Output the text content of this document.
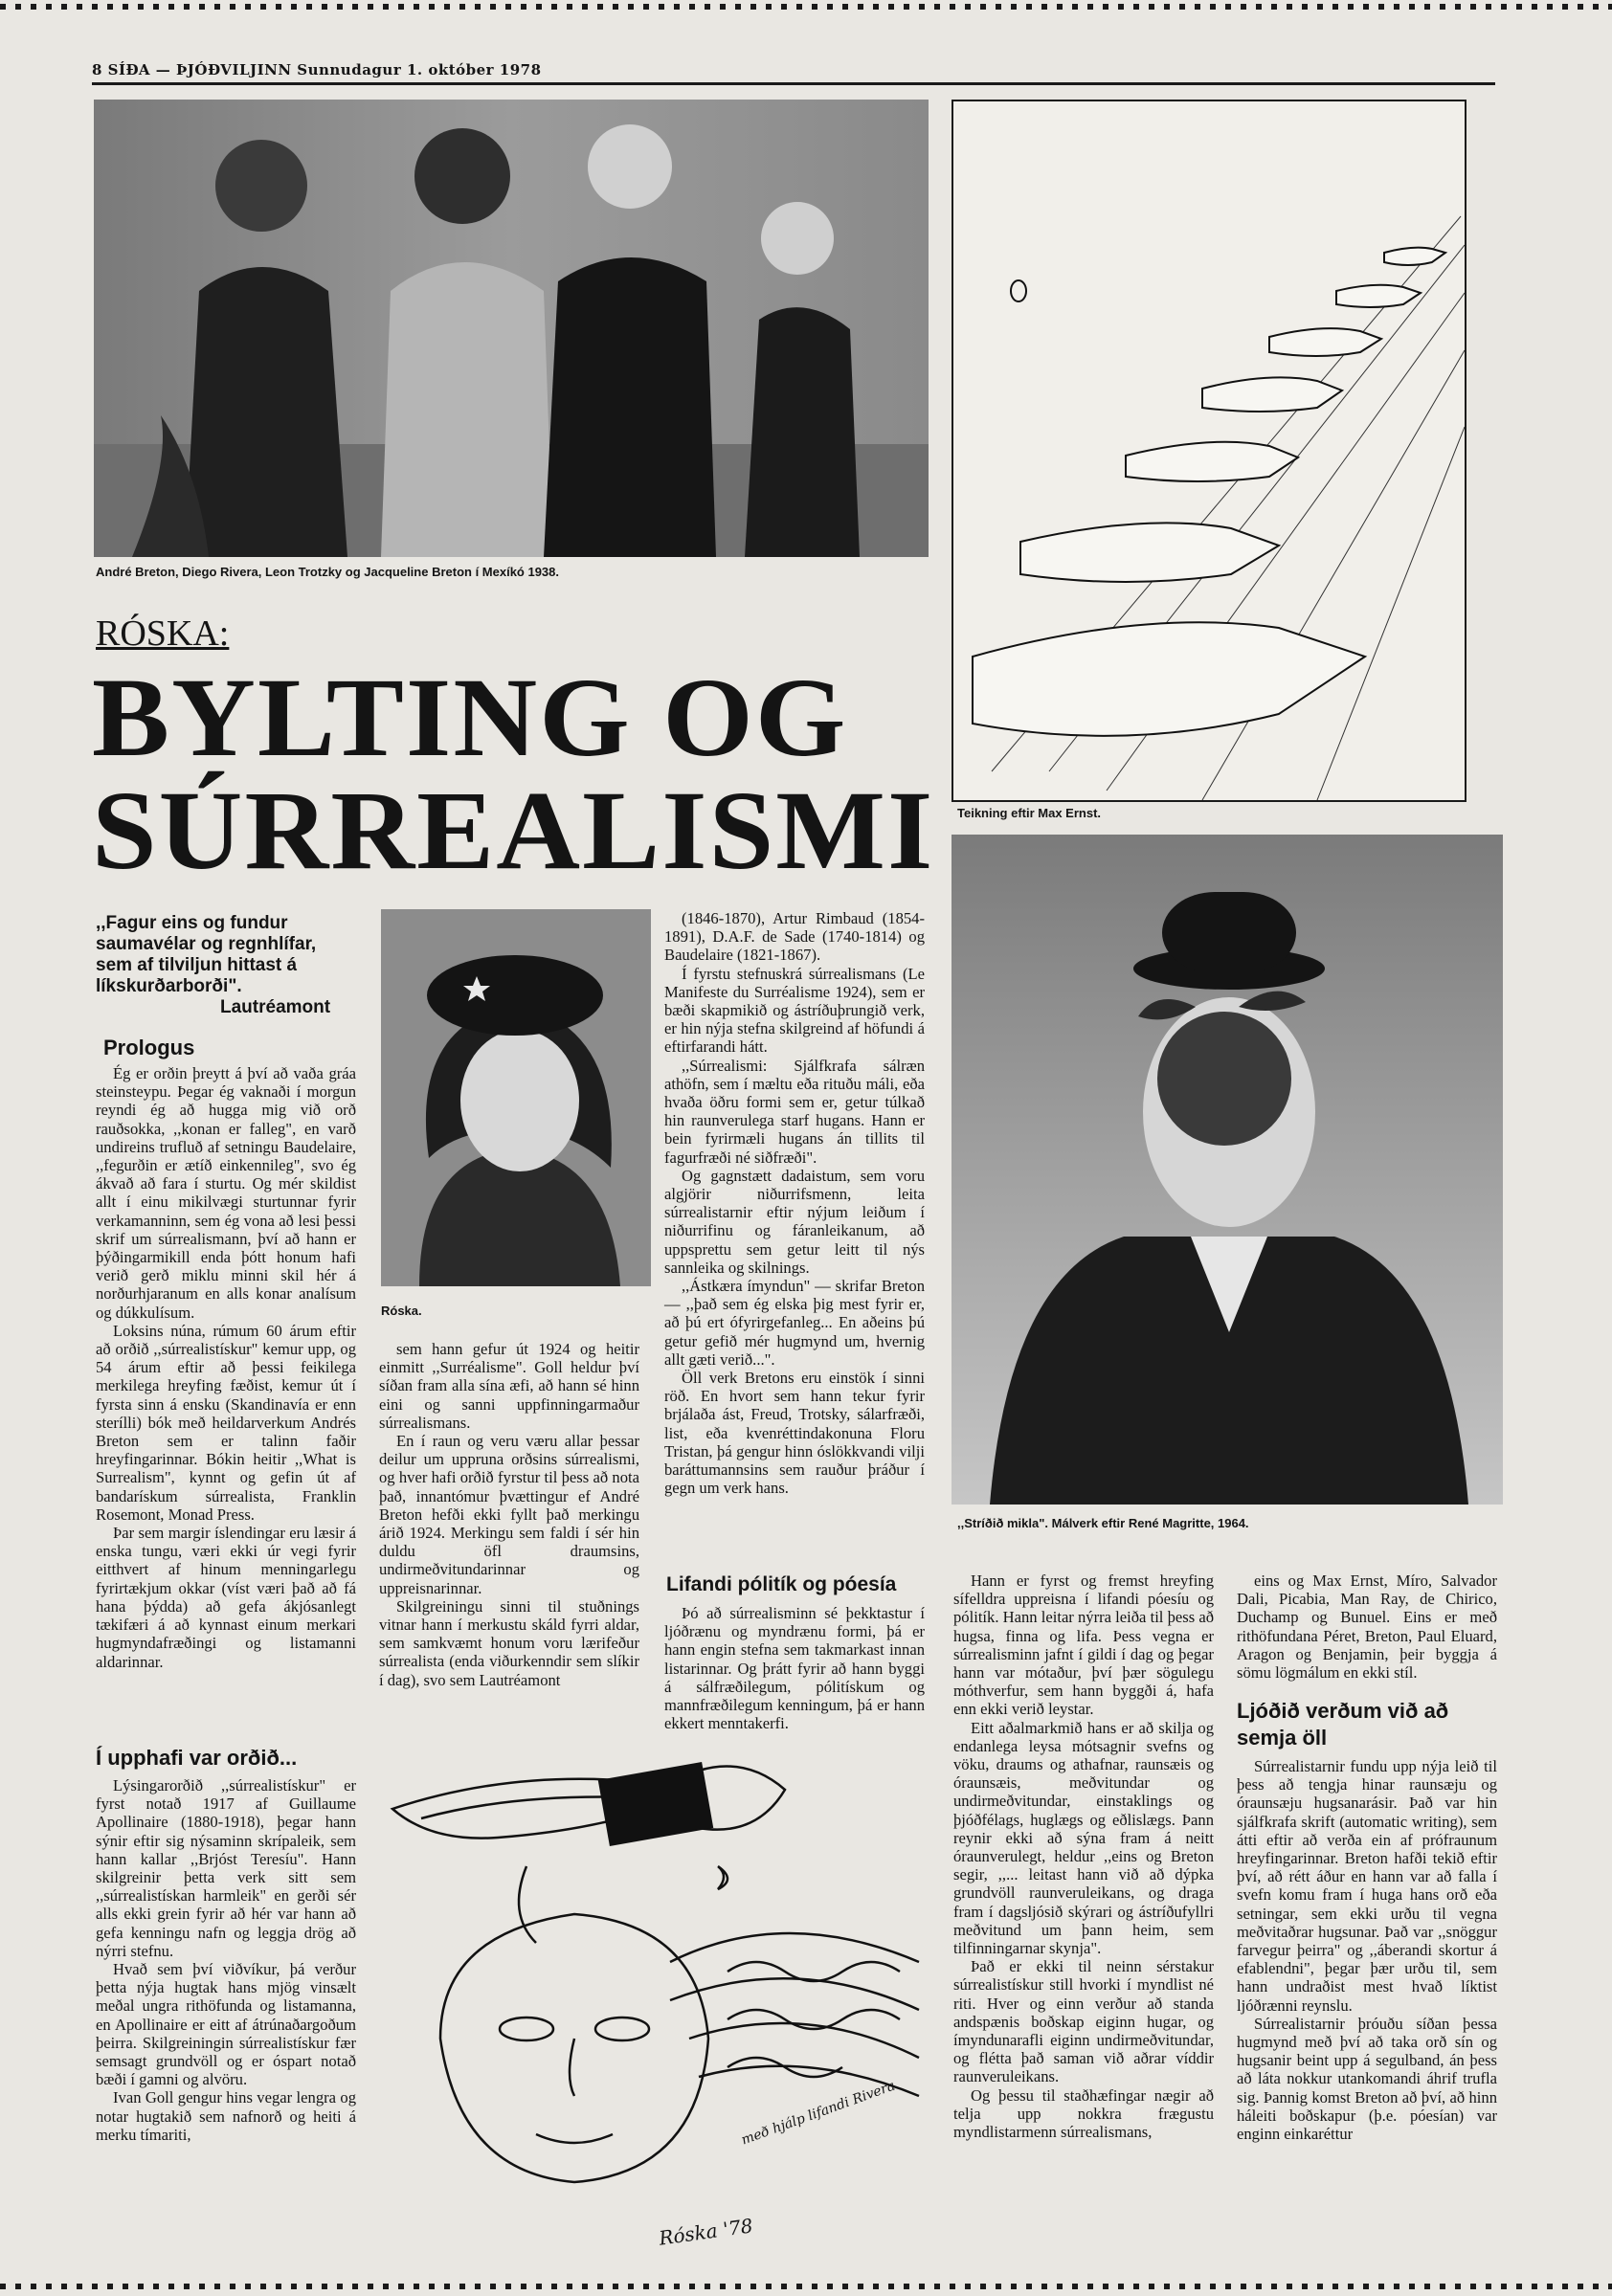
8 SÍÐA — ÞJÓÐVILJINN Sunnudagur 1. október 1978
André Breton, Diego Rivera, Leon Trotzky og Jacqueline Breton í Mexíkó 1938.
Teikning eftir Max Ernst.
,,Stríðið mikla". Málverk eftir René Magritte, 1964.
RÓSKA:
BYLTING OG
SÚRREALISMI
,,Fagur eins og fundur saumavélar og regnhlífar, sem af tilviljun hittast á líkskurðarborði".
Lautréamont
Róska.
Prologus

Ég er orðin þreytt á því að vaða gráa steinsteypu. Þegar ég vaknaði í morgun reyndi ég að hugga mig við orð rauðsokka, ,,konan er falleg", en varð undireins trufluð af setningu Baudelaire, ,,fegurðin er ætíð einkennileg", svo ég ákvað að fara í sturtu. Og mér skildist allt í einu mikilvægi sturtunnar fyrir verkamanninn, sem ég vona að lesi þessi skrif um súrrealismann, því að hann er þýðingarmikill enda þótt honum hafi verið gerð miklu minni skil hér á norðurhjaranum en alls konar analísum og dúkkulísum.

Loksins núna, rúmum 60 árum eftir að orðið ,,súrrealistískur" kemur upp, og 54 árum eftir að þessi feikilega merkilega hreyfing fæðist, kemur út í fyrsta sinn á ensku (Skandinavía er enn sterílli) bók með heildarverkum Andrés Breton sem er talinn faðir hreyfingarinnar. Bókin heitir ,,What is Surrealism", kynnt og gefin út af bandarískum súrrealista, Franklin Rosemont, Monad Press.

Þar sem margir íslendingar eru læsir á enska tungu, væri ekki úr vegi fyrir eitthvert af hinum menningarlegu fyrirtækjum okkar (víst væri það að fá hana þýdda) að gefa ákjósanlegt tækifæri á að kynnast einum merkari hugmyndafræðingi og listamanni aldarinnar.

Í upphafi var orðið...

Lýsingarorðið ,,súrrealistískur" er fyrst notað 1917 af Guillaume Apollinaire (1880-1918), þegar hann sýnir eftir sig nýsaminn skrípaleik, sem hann kallar ,,Brjóst Teresíu". Hann skilgreinir þetta verk sitt sem ,,súrrealistískan harmleik" en gerði sér alls ekki grein fyrir að hér var hann að gefa kenningu nafn og leggja drög að nýrri stefnu.

Hvað sem því viðvíkur, þá verður þetta nýja hugtak hans mjög vinsælt meðal ungra rithöfunda og listamanna, en Apollinaire er eitt af átrúnaðargoðum þeirra. Skilgreiningin súrrealistískur fær semsagt grundvöll og er óspart notað bæði í gamni og alvöru.

Ivan Goll gengur hins vegar lengra og notar hugtakið sem nafnorð og heiti á merku tímariti,

sem hann gefur út 1924 og heitir einmitt ,,Surréalisme". Goll heldur því síðan fram alla sína æfi, að hann sé hinn eini og sanni uppfinningarmaður súrrealismans.

En í raun og veru væru allar þessar deilur um uppruna orðsins súrrealismi, og hver hafi orðið fyrstur til þess að nota það, innantómur þvættingur ef André Breton hefði ekki fyllt það merkingu árið 1924. Merkingu sem faldi í sér hin duldu öfl draumsins, undirmeðvitundarinnar og uppreisnarinnar.

Skilgreiningu sinni til stuðnings vitnar hann í merkustu skáld fyrri aldar, sem samkvæmt honum voru lærifeður súrrealista (enda viðurkenndir sem slíkir í dag), svo sem Lautréamont

(1846-1870), Artur Rimbaud (1854-1891), D.A.F. de Sade (1740-1814) og Baudelaire (1821-1867).

Í fyrstu stefnuskrá súrrealismans (Le Manifeste du Surréalisme 1924), sem er bæði skapmikið og ástríðuþrungið verk, er hin nýja stefna skilgreind af höfundi á eftirfarandi hátt.

,,Súrrealismi: Sjálfkrafa sálræn athöfn, sem í mæltu eða rituðu máli, eða hvaða öðru formi sem er, getur túlkað hin raunverulega starf hugans. Hann er bein fyrirmæli hugans án tillits til fagurfræði né siðfræði".

Og gagnstætt dadaistum, sem voru algjörir niðurrifsmenn, leita súrrealistarnir eftir nýjum leiðum í niðurrifinu og fáranleikanum, að uppsprettu sem getur leitt til nýs sannleika og skilnings.

,,Ástkæra ímyndun" — skrifar Breton — ,,það sem ég elska þig mest fyrir er, að þú ert ófyrirgefanleg... En aðeins þú getur gefið mér hugmynd um, hvernig allt gæti verið...".

Öll verk Bretons eru einstök í sinni röð. En hvort sem hann tekur fyrir brjálaða ást, Freud, Trotsky, sálarfræði, list, eða kvenréttindakonuna Floru Tristan, þá gengur hinn óslökkvandi vilji baráttumannsins sem rauður þráður í gegn um verk hans.

Lifandi pólitík og póesía

Þó að súrrealisminn sé þekktastur í ljóðrænu og myndrænu formi, þá er hann engin stefna sem takmarkast innan listarinnar. Og þrátt fyrir að hann byggi á sálfræðilegum, pólitískum og mannfræðilegum kenningum, þá er hann ekkert menntakerfi.

Róska '78
með hjálp lifandi Rivera

Hann er fyrst og fremst hreyfing sífelldra uppreisna í lifandi póesíu og pólitík. Hann leitar nýrra leiða til þess að hugsa, finna og lifa. Þess vegna er súrrealisminn jafnt í gildi í dag og þegar hann var mótaður, því þær sögulegu móthverfur, sem hann byggði á, hafa enn ekki verið leystar.

Eitt aðalmarkmið hans er að skilja og endanlega leysa mótsagnir svefns og vöku, draums og athafnar, raunsæis og óraunsæis, meðvitundar og undirmeðvitundar, einstaklings og þjóðfélags, huglægs og eðlislægs. Þann reynir ekki að sýna fram á neitt óraunverulegt, heldur ,,eins og Breton segir, ,,... leitast hann við að dýpka grundvöll raunveruleikans, og draga fram í dagsljósið skýrari og ástríðufyllri meðvitund um þann heim, sem tilfinningarnar skynja".

Það er ekki til neinn sérstakur súrrealistískur still hvorki í myndlist né riti. Hver og einn verður að standa andspænis boðskap eiginn hugar, og ímyndunarafli eiginn undirmeðvitundar, og flétta það saman við aðrar víddir raunveruleikans.

Og þessu til staðhæfingar nægir að telja upp nokkra frægustu myndlistarmenn súrrealismans,

eins og Max Ernst, Míro, Salvador Dali, Picabia, Man Ray, de Chirico, Duchamp og Bunuel. Eins er með rithöfundana Péret, Breton, Paul Eluard, Aragon og Benjamin, þeir byggja á sömu lögmálum en ekki stíl.

Ljóðið verðum við að semja öll

Súrrealistarnir fundu upp nýja leið til þess að tengja hinar raunsæju og óraunsæju hugsanarásir. Það var hin sjálfkrafa skrift (automatic writing), sem átti eftir að verða ein af prófraunum hreyfingarinnar. Breton hafði tekið eftir því, að rétt áður en hann var að falla í svefn komu fram í huga hans orð eða setningar, sem ekki urðu til vegna meðvitaðrar hugsunar. Það var ,,snöggur farvegur þeirra" og ,,áberandi skortur á efablendni", þegar þær urðu til, sem hann undraðist mest hvað líktist ljóðrænni reynslu.

Súrrealistarnir þróuðu síðan þessa hugmynd með því að taka orð sín og hugsanir beint upp á segulband, án þess að láta nokkur utankomandi áhrif trufla sig. Þannig komst Breton að því, að hinn háleiti boðskapur (þ.e. póesían) var enginn einkaréttur
